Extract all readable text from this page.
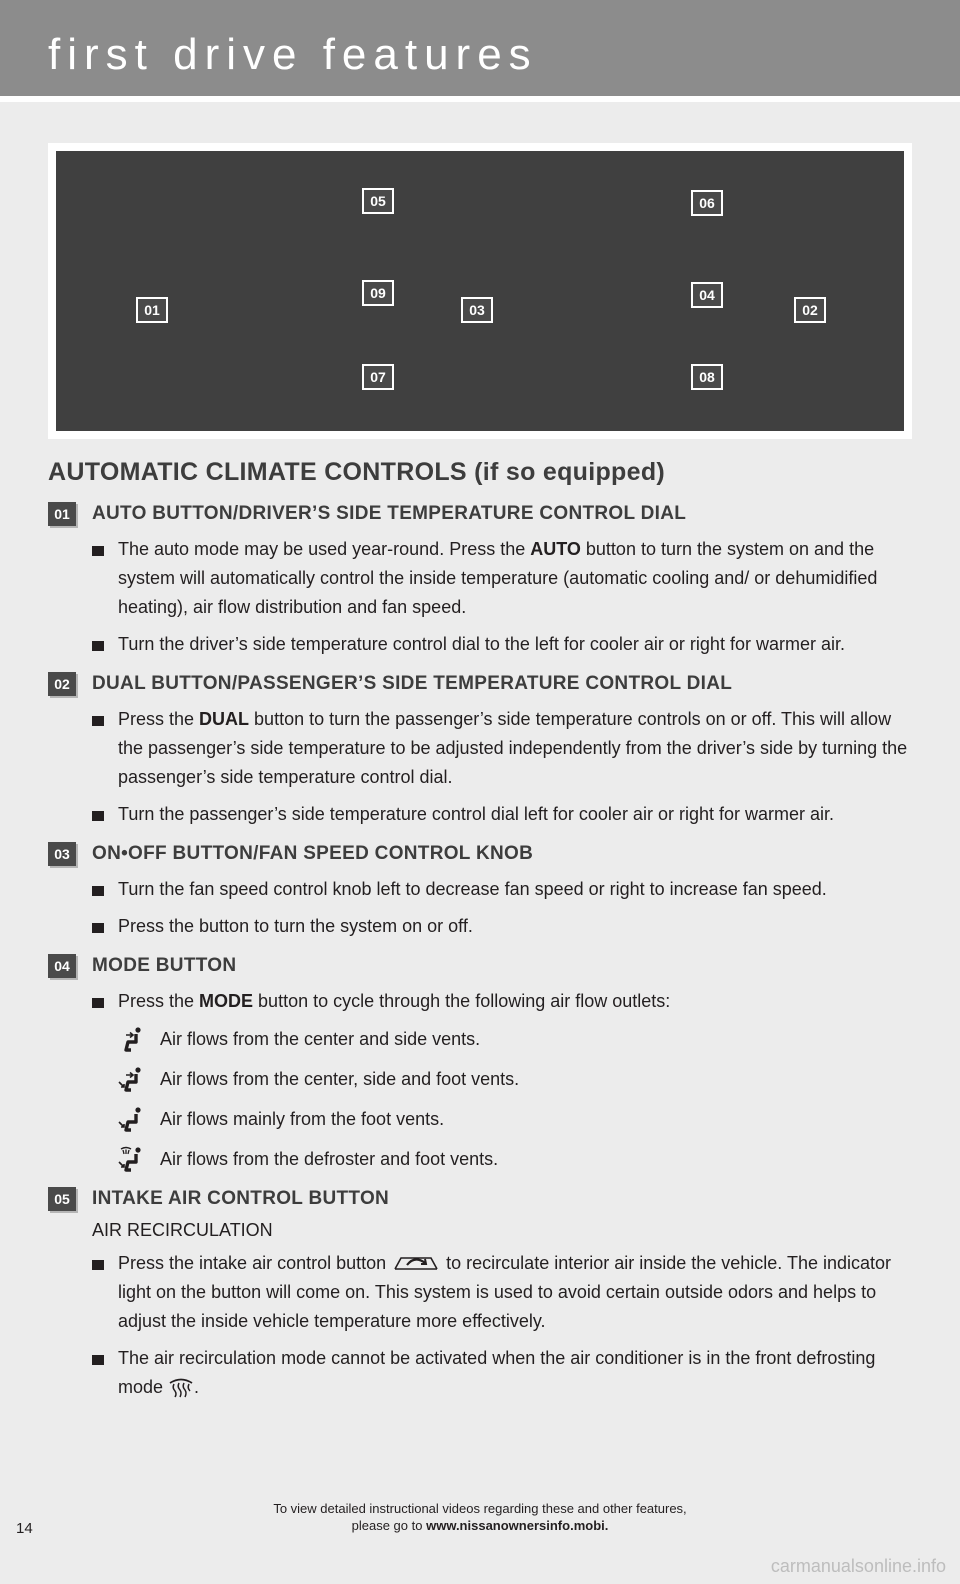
first drive features
05	06
01
09
03
04
02
07	08
AUTOMATIC CLIMATE CONTROLS (if so equipped)
01	AUTO BUTTON/DRIVER’S SIDE TEMPERATURE CONTROL DIAL
The auto mode may be used year-round. Press the AUTO button to turn the system on and the system will automatically control the inside temperature (automatic cooling and/ or dehumidified heating), air flow distribution and fan speed.
Turn the driver’s side temperature control dial to the left for cooler air or right for warmer air.
02	DUAL BUTTON/PASSENGER’S SIDE TEMPERATURE CONTROL DIAL
Press the DUAL button to turn the passenger’s side temperature controls on or off. This will allow the passenger’s side temperature to be adjusted independently from the driver’s side by turning the passenger’s side temperature control dial.
Turn the passenger’s side temperature control dial left for cooler air or right for warmer air.
03	ON•OFF BUTTON/FAN SPEED CONTROL KNOB
Turn the fan speed control knob left to decrease fan speed or right to increase fan speed.
Press the button to turn the system on or off.
04	MODE BUTTON
Press the MODE button to cycle through the following air flow outlets:
Air flows from the center and side vents.
Air flows from the center, side and foot vents.
Air flows mainly from the foot vents.
Air flows from the defroster and foot vents.
05	INTAKE AIR CONTROL BUTTON
AIR RECIRCULATION
Press the intake air control button	to recirculate interior air inside the vehicle. The indicator light on the button will come on. This system is used to avoid certain outside odors and helps to adjust the inside vehicle temperature more effectively.
The air recirculation mode cannot be activated when the air conditioner is in the front defrosting mode .
To view detailed instructional videos regarding these and other features,
please go to www.nissanownersinfo.mobi.
14
carmanualsonline.info
